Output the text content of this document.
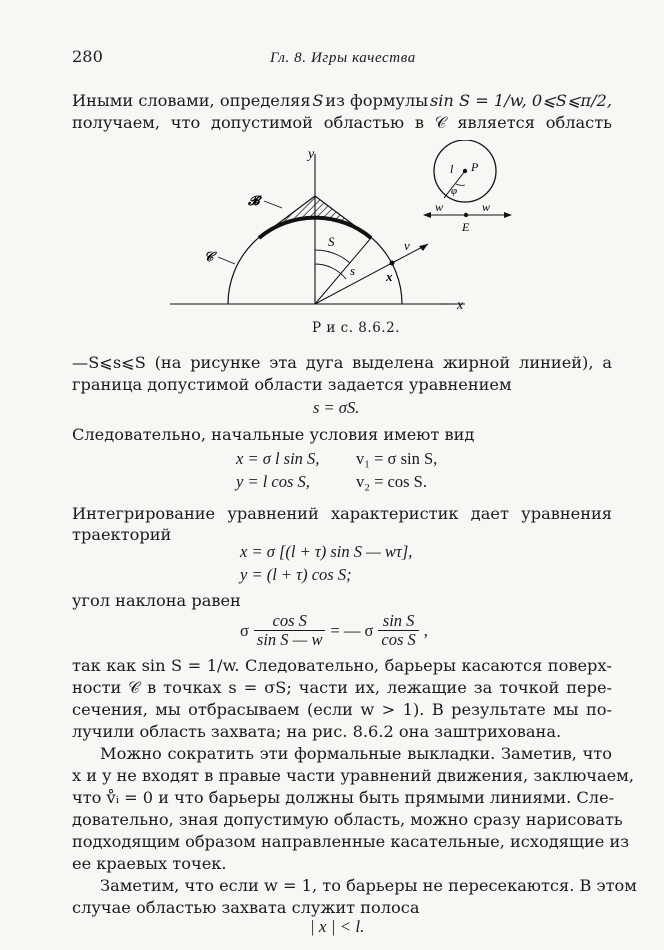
280	Гл. 8. Игры качества
Иными словами, определяя S из формулы sin S = 1/w, 0⩽S⩽π/2,
получаем, что допустимой областью в 𝒞 является область
x
y
𝓑
𝒞
S
s x
v
P
l
φ
w	w
E
Р и с. 8.6.2.
—S⩽s⩽S (на рисунке эта дуга выделена жирной линией), а
граница допустимой области задается уравнением
s = σS.
Следовательно, начальные условия имеют вид
x = σ l sin S, v₁ = σ sin S,
y = l cos S,	v₂ = cos S.
Интегрирование уравнений характеристик дает уравнения
траекторий
x = σ [(l + τ) sin S — wτ],
y = (l + τ) cos S;
угол наклона равен
σ $\frac{\text{cos S}}{\text{sin S — w}}$ = — σ $\frac{\text{sin S}}{\text{cos S}}$ ,
так как sin S = 1/w. Следовательно, барьеры касаются поверх-
ности 𝒞 в точках s = σS; части их, лежащие за точкой пере-
сечения, мы отбрасываем (если w > 1). В результате мы по-
лучили область захвата; на рис. 8.6.2 она заштрихована.
Можно сократить эти формальные выкладки. Заметив, что
x и y не входят в правые части уравнений движения, заключаем,
что v̊ᵢ = 0 и что барьеры должны быть прямыми линиями. Сле-
довательно, зная допустимую область, можно сразу нарисовать
подходящим образом направленные касательные, исходящие из
ее краевых точек.
Заметим, что если w = 1, то барьеры не пересекаются. В этом
случае областью захвата служит полоса
| x | < l.
